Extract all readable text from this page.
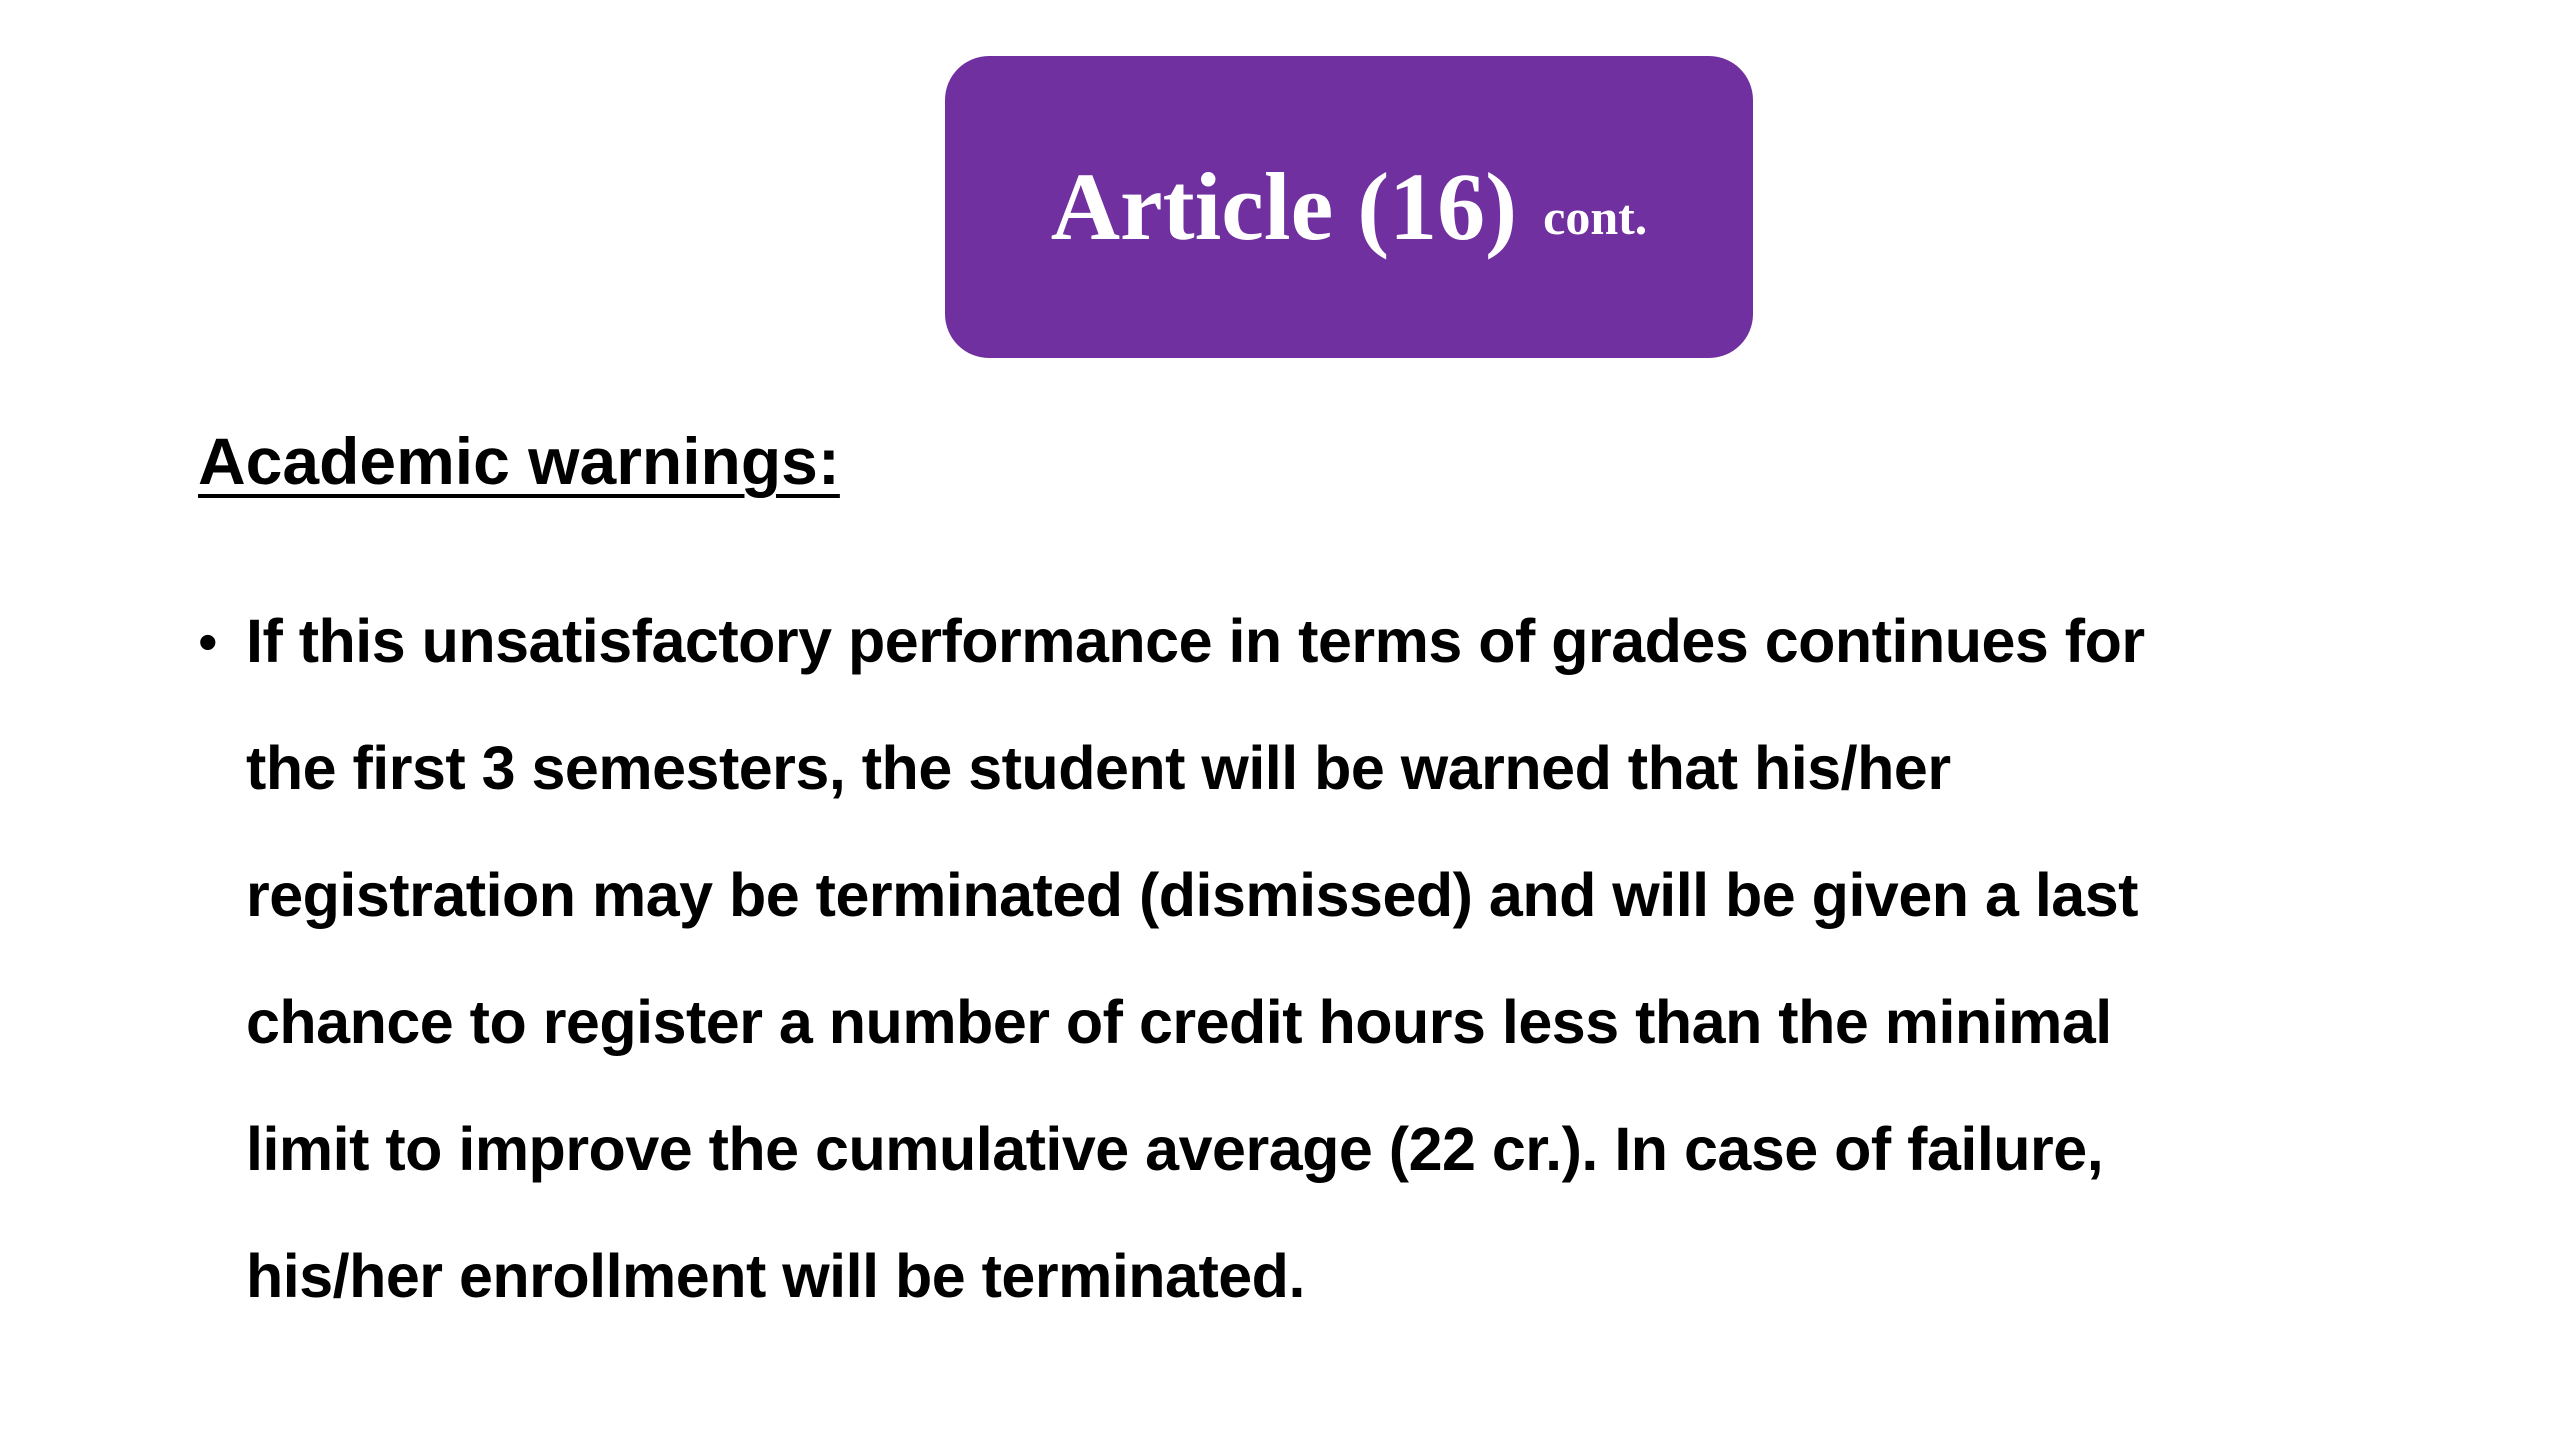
Article (16) cont.
Academic warnings:
• If this unsatisfactory performance in terms of grades continues for
the first 3 semesters, the student will be warned that his/her
registration may be terminated (dismissed) and will be given a last
chance to register a number of credit hours less than the minimal
limit to improve the cumulative average (22 cr.). In case of failure,
his/her enrollment will be terminated.
